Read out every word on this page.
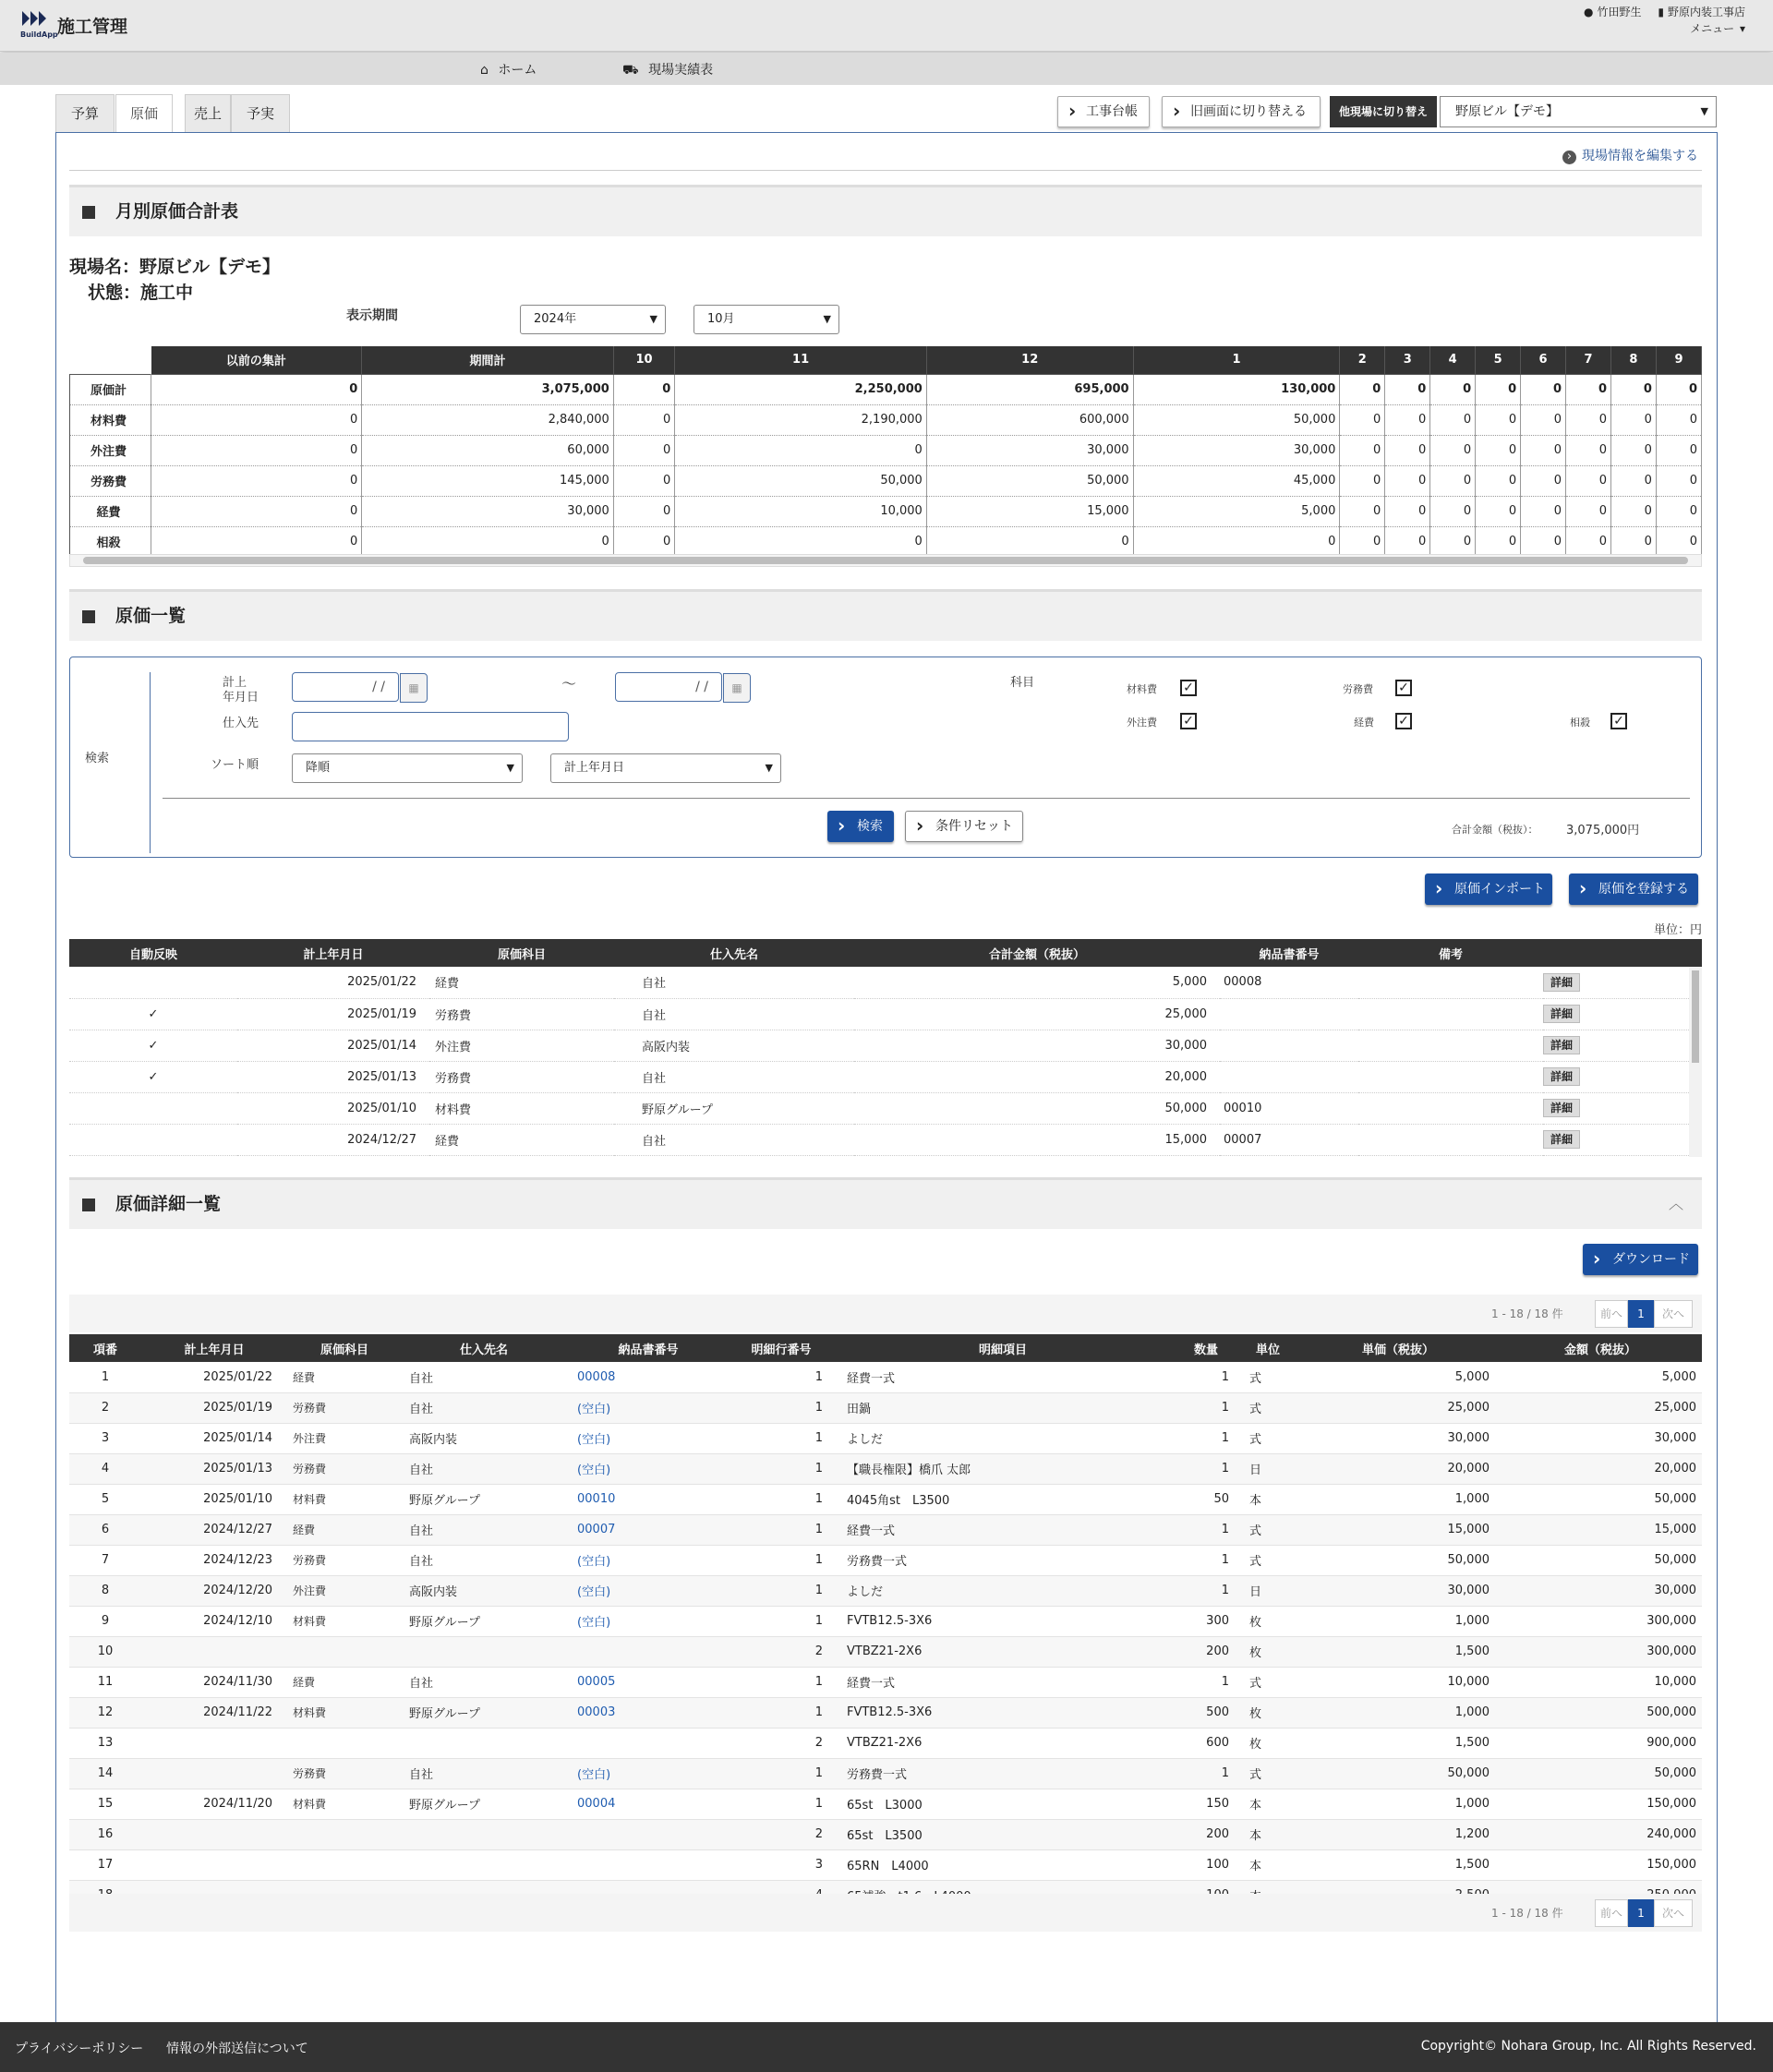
BuildApp 施工管理
● 竹田野生 ▮ 野原内装工事店
メニュー ▾
⌂ ホーム	⛟ 現場実績表
予算	原価	売上	予実	› 工事台帳	› 旧画面に切り替える	他現場に切り替え	野原ビル【デモ】	▼
› 現場情報を編集する
月別原価合計表
現場名：野原ビル【デモ】
状態：施工中
表示期間	2024年	▼	10月	▼
	以前の集計	期間計	10	11	12	1	2	3	4	5	6	7	8	9
原価計	0	3,075,000	0	2,250,000	695,000	130,000	0	0	0	0	0	0	0	0
材料費	0	2,840,000	0	2,190,000	600,000	50,000	0	0	0	0	0	0	0	0
外注費	0	60,000	0	0	30,000	30,000	0	0	0	0	0	0	0	0
労務費	0	145,000	0	50,000	50,000	45,000	0	0	0	0	0	0	0	0
経費	0	30,000	0	10,000	15,000	5,000	0	0	0	0	0	0	0	0
相殺	0	0	0	0	0	0	0	0	0	0	0	0	0	0
原価一覧
検索
計上
年月日
/ /	▦	〜	/ /	▦
仕入先
ソート順	降順	▼	計上年月日	▼
科目	材料費 ✓	労務費 ✓
外注費 ✓	経費 ✓	相殺 ✓
› 検索	› 条件リセット	合計金額（税抜）： 3,075,000円
› 原価インポート	› 原価を登録する
単位：円
自動反映	計上年月日	原価科目	仕入先名	合計金額（税抜）	納品書番号	備考	
	2025/01/22	経費	自社	5,000	00008		詳細
✓	2025/01/19	労務費	自社	25,000			詳細
✓	2025/01/14	外注費	高阪内装	30,000			詳細
✓	2025/01/13	労務費	自社	20,000			詳細
	2025/01/10	材料費	野原グループ	50,000	00010		詳細
	2024/12/27	経費	自社	15,000	00007		詳細
原価詳細一覧	︿
› ダウンロード
1 - 18 / 18 件	前へ	1	次へ
項番	計上年月日	原価科目	仕入先名	納品書番号	明細行番号	明細項目	数量	単位	単価（税抜）	金額（税抜）
1	2025/01/22	経費	自社	00008	1	経費一式	1	式	5,000	5,000
2	2025/01/19	労務費	自社	(空白)	1	田鍋	1	式	25,000	25,000
3	2025/01/14	外注費	高阪内装	(空白)	1	よしだ	1	式	30,000	30,000
4	2025/01/13	労務費	自社	(空白)	1	【職長権限】橋爪 太郎	1	日	20,000	20,000
5	2025/01/10	材料費	野原グループ	00010	1	4045角st　L3500	50	本	1,000	50,000
6	2024/12/27	経費	自社	00007	1	経費一式	1	式	15,000	15,000
7	2024/12/23	労務費	自社	(空白)	1	労務費一式	1	式	50,000	50,000
8	2024/12/20	外注費	高阪内装	(空白)	1	よしだ	1	日	30,000	30,000
9	2024/12/10	材料費	野原グループ	(空白)	1	FVTB12.5-3X6	300	枚	1,000	300,000
10					2	VTBZ21-2X6	200	枚	1,500	300,000
11	2024/11/30	経費	自社	00005	1	経費一式	1	式	10,000	10,000
12	2024/11/22	材料費	野原グループ	00003	1	FVTB12.5-3X6	500	枚	1,000	500,000
13					2	VTBZ21-2X6	600	枚	1,500	900,000
14		労務費	自社	(空白)	1	労務費一式	1	式	50,000	50,000
15	2024/11/20	材料費	野原グループ	00004	1	65st　L3000	150	本	1,000	150,000
16					2	65st　L3500	200	本	1,200	240,000
17					3	65RN　L4000	100	本	1,500	150,000

1 - 18 / 18 件	前へ	1	次へ
プライバシーポリシー 情報の外部送信について	Copyright© Nohara Group, Inc. All Rights Reserved.
